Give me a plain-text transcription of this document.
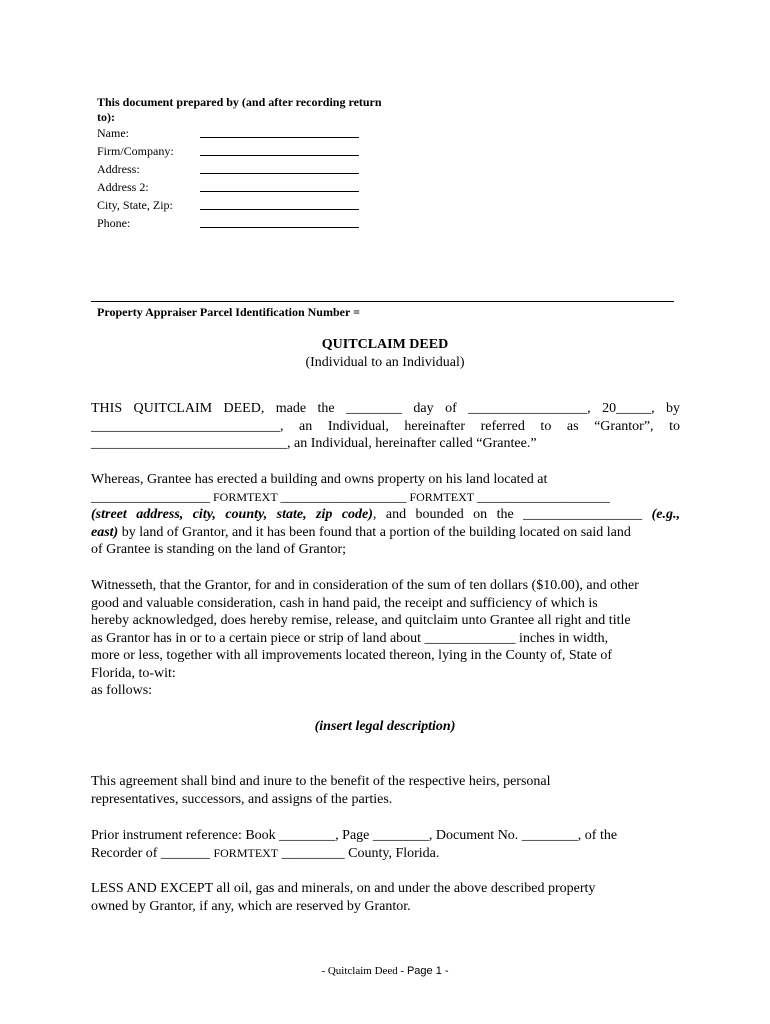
This document prepared by (and after recording return to):
Name:
Firm/Company:
Address:
Address 2:
City, State, Zip:
Phone:
Property Appraiser Parcel Identification Number =
QUITCLAIM DEED
(Individual to an Individual)
THIS QUITCLAIM DEED, made the ________ day of _________________, 20_____, by
___________________________, an Individual, hereinafter referred to as “Grantor”, to
____________________________, an Individual, hereinafter called “Grantee.”
Whereas, Grantee has erected a building and owns property on his land located at
_________________ FORMTEXT __________________ FORMTEXT ___________________
(street address, city, county, state, zip code), and bounded on the _________________ (e.g.,
east) by land of Grantor, and it has been found that a portion of the building located on said land
of Grantee is standing on the land of Grantor;
Witnesseth, that the Grantor, for and in consideration of the sum of ten dollars ($10.00), and other
good and valuable consideration, cash in hand paid, the receipt and sufficiency of which is
hereby acknowledged, does hereby remise, release, and quitclaim unto Grantee all right and title
as Grantor has in or to a certain piece or strip of land about _____________ inches in width,
more or less, together with all improvements located thereon, lying in the County of, State of
Florida, to-wit:
as follows:
(insert legal description)
This agreement shall bind and inure to the benefit of the respective heirs, personal
representatives, successors, and assigns of the parties.
Prior instrument reference: Book ________, Page ________, Document No. ________, of the
Recorder of _______ FORMTEXT _________ County, Florida.
LESS AND EXCEPT all oil, gas and minerals, on and under the above described property
owned by Grantor, if any, which are reserved by Grantor.
- Quitclaim Deed - Page 1 -
